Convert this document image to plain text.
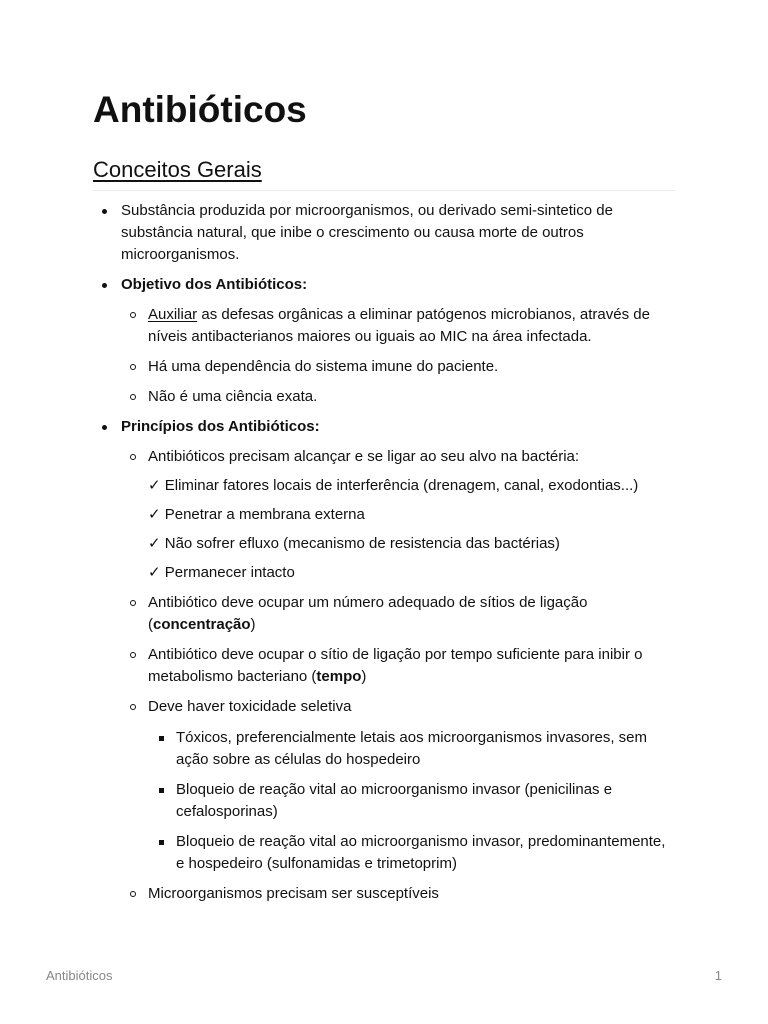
Antibióticos
Conceitos Gerais
Substância produzida por microorganismos, ou derivado semi-sintetico de substância natural, que inibe o crescimento ou causa morte de outros microorganismos.
Objetivo dos Antibióticos:
Auxiliar as defesas orgânicas a eliminar patógenos microbianos, através de níveis antibacterianos maiores ou iguais ao MIC na área infectada.
Há uma dependência do sistema imune do paciente.
Não é uma ciência exata.
Princípios dos Antibióticos:
Antibióticos precisam alcançar e se ligar ao seu alvo na bactéria:
✓ Eliminar fatores locais de interferência (drenagem, canal, exodontias...)
✓ Penetrar a membrana externa
✓ Não sofrer efluxo (mecanismo de resistencia das bactérias)
✓ Permanecer intacto
Antibiótico deve ocupar um número adequado de sítios de ligação (concentração)
Antibiótico deve ocupar o sítio de ligação por tempo suficiente para inibir o metabolismo bacteriano (tempo)
Deve haver toxicidade seletiva
Tóxicos, preferencialmente letais aos microorganismos invasores, sem ação sobre as células do hospedeiro
Bloqueio de reação vital ao microorganismo invasor (penicilinas e cefalosporinas)
Bloqueio de reação vital ao microorganismo invasor, predominantemente, e hospedeiro (sulfonamidas e trimetoprim)
Microorganismos precisam ser susceptíveis
Antibióticos	1
